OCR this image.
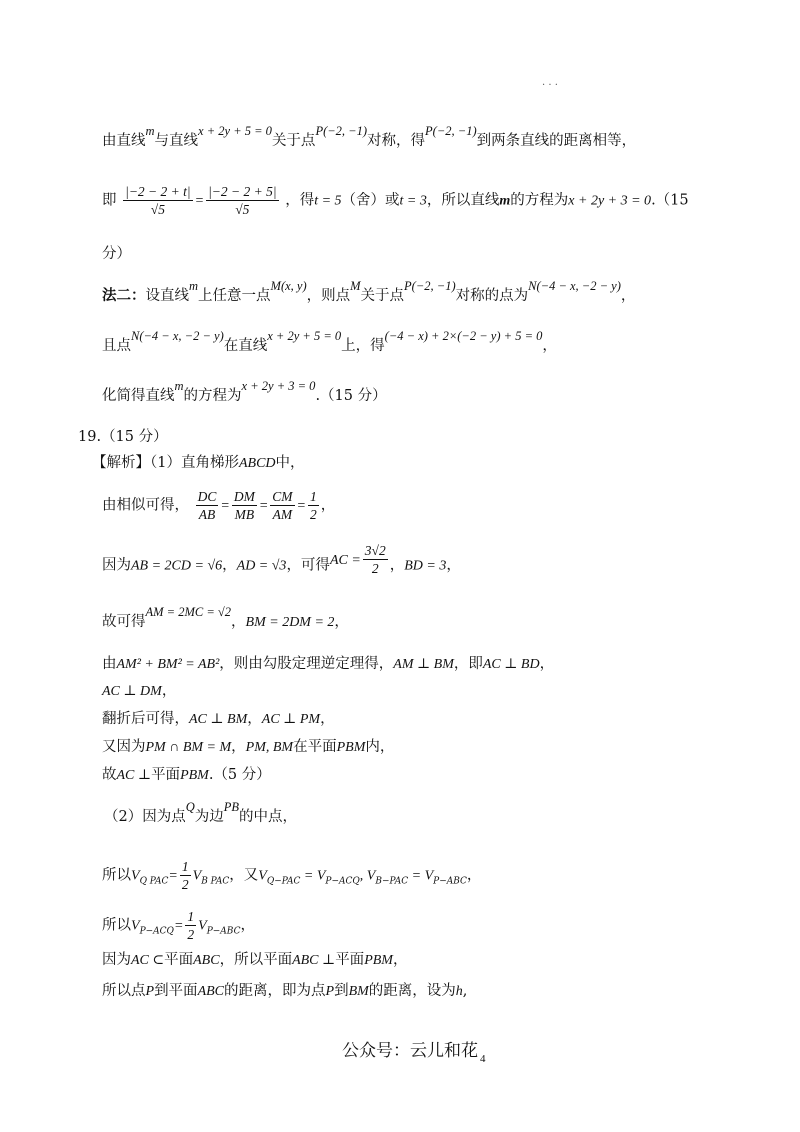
. . .
由直线m与直线x + 2y + 5 = 0关于点P(−2, −1)对称，得P(−2, −1)到两条直线的距离相等，
即 $\frac{|-2 - 2 + t|}{√5} = \frac{|-2 - 2 + 5|}{√5}$ ，得t = 5（舍）或t = 3，所以直线m的方程为x + 2y + 3 = 0.（15
分）
法二：设直线m上任意一点M(x, y)，则点M关于点P(−2, −1)对称的点为N(−4 − x, −2 − y)，
且点N(−4 − x, −2 − y)在直线x + 2y + 5 = 0上，得(−4 − x) + 2×(−2 − y) + 5 = 0，
化简得直线m的方程为x + 2y + 3 = 0.（15 分）
19.（15 分）
【解析】（1）直角梯形ABCD中，
由相似可得， $\frac{DC}{AB} = \frac{DM}{MB} = \frac{CM}{AM} = \frac{1}{2}$ ，
因为AB = 2CD = √6，AD = √3，可得AC = $\frac{3√2}{2}$ ，BD = 3，
故可得AM = 2MC = √2，BM = 2DM = 2，
由AM² + BM² = AB²，则由勾股定理逆定理得，AM ⊥ BM，即AC ⊥ BD，
AC ⊥ DM，
翻折后可得，AC ⊥ BM，AC ⊥ PM，
又因为PM ∩ BM = M，PM, BM在平面PBM内，
故AC ⊥平面PBM.（5 分）
（2）因为点Q为边PB的中点，
所以$V_{Q PAC}= \frac{1}{2} V_{B PAC}$，又$V_{Q-PAC} = V_{P-ACQ}$, $V_{B-PAC} = V_{P-ABC}$，
所以$V_{P-ACQ}= \frac{1}{2} V_{P-ABC}$，
因为AC ⊂平面ABC，所以平面ABC ⊥平面PBM，
所以点P到平面ABC的距离，即为点P到BM的距离，设为h,
公众号：云儿和花 $_4$
